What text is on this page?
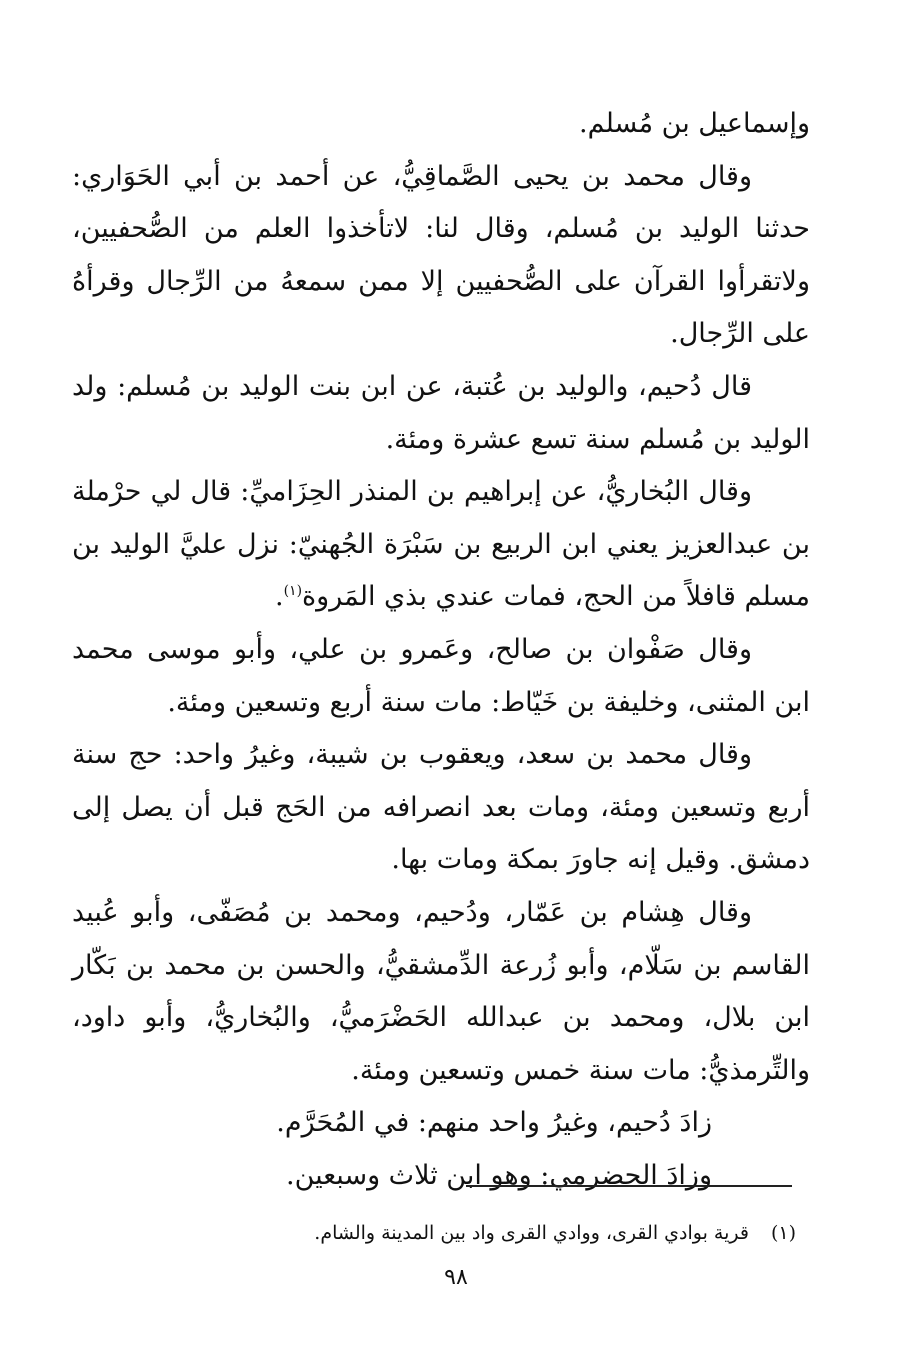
وإسماعيل بن مُسلم.

وقال محمد بن يحيى الصَّماقِيُّ، عن أحمد بن أبي الحَوَاري: حدثنا الوليد بن مُسلم، وقال لنا: لاتأخذوا العلم من الصُّحفيين، ولاتقرأوا القرآن على الصُّحفيين إلا ممن سمعهُ من الرِّجال وقرأهُ على الرِّجال.

قال دُحيم، والوليد بن عُتبة، عن ابن بنت الوليد بن مُسلم: ولد الوليد بن مُسلم سنة تسع عشرة ومئة.

وقال البُخاريُّ، عن إبراهيم بن المنذر الحِزَاميِّ: قال لي حرْملة بن عبدالعزيز يعني ابن الربيع بن سَبْرَة الجُهنيّ: نزل عليَّ الوليد بن مسلم قافلاً من الحج، فمات عندي بذي المَروة$^{(١)}$.

وقال صَفْوان بن صالح، وعَمرو بن علي، وأبو موسى محمد ابن المثنى، وخليفة بن خَيّاط: مات سنة أربع وتسعين ومئة.

وقال محمد بن سعد، ويعقوب بن شيبة، وغيرُ واحد: حج سنة أربع وتسعين ومئة، ومات بعد انصرافه من الحَج قبل أن يصل إلى دمشق. وقيل إنه جاورَ بمكة ومات بها.

وقال هِشام بن عَمّار، ودُحيم، ومحمد بن مُصَفّى، وأبو عُبيد القاسم بن سَلّام، وأبو زُرعة الدِّمشقيُّ، والحسن بن محمد بن بَكّار ابن بلال، ومحمد بن عبدالله الحَضْرَميُّ، والبُخاريُّ، وأبو داود، والتِّرمذيُّ: مات سنة خمس وتسعين ومئة.

زادَ دُحيم، وغيرُ واحد منهم: في المُحَرَّم.

وزادَ الحضرمي: وهو ابن ثلاث وسبعين.

(١)قرية بوادي القرى، ووادي القرى واد بين المدينة والشام.
٩٨
